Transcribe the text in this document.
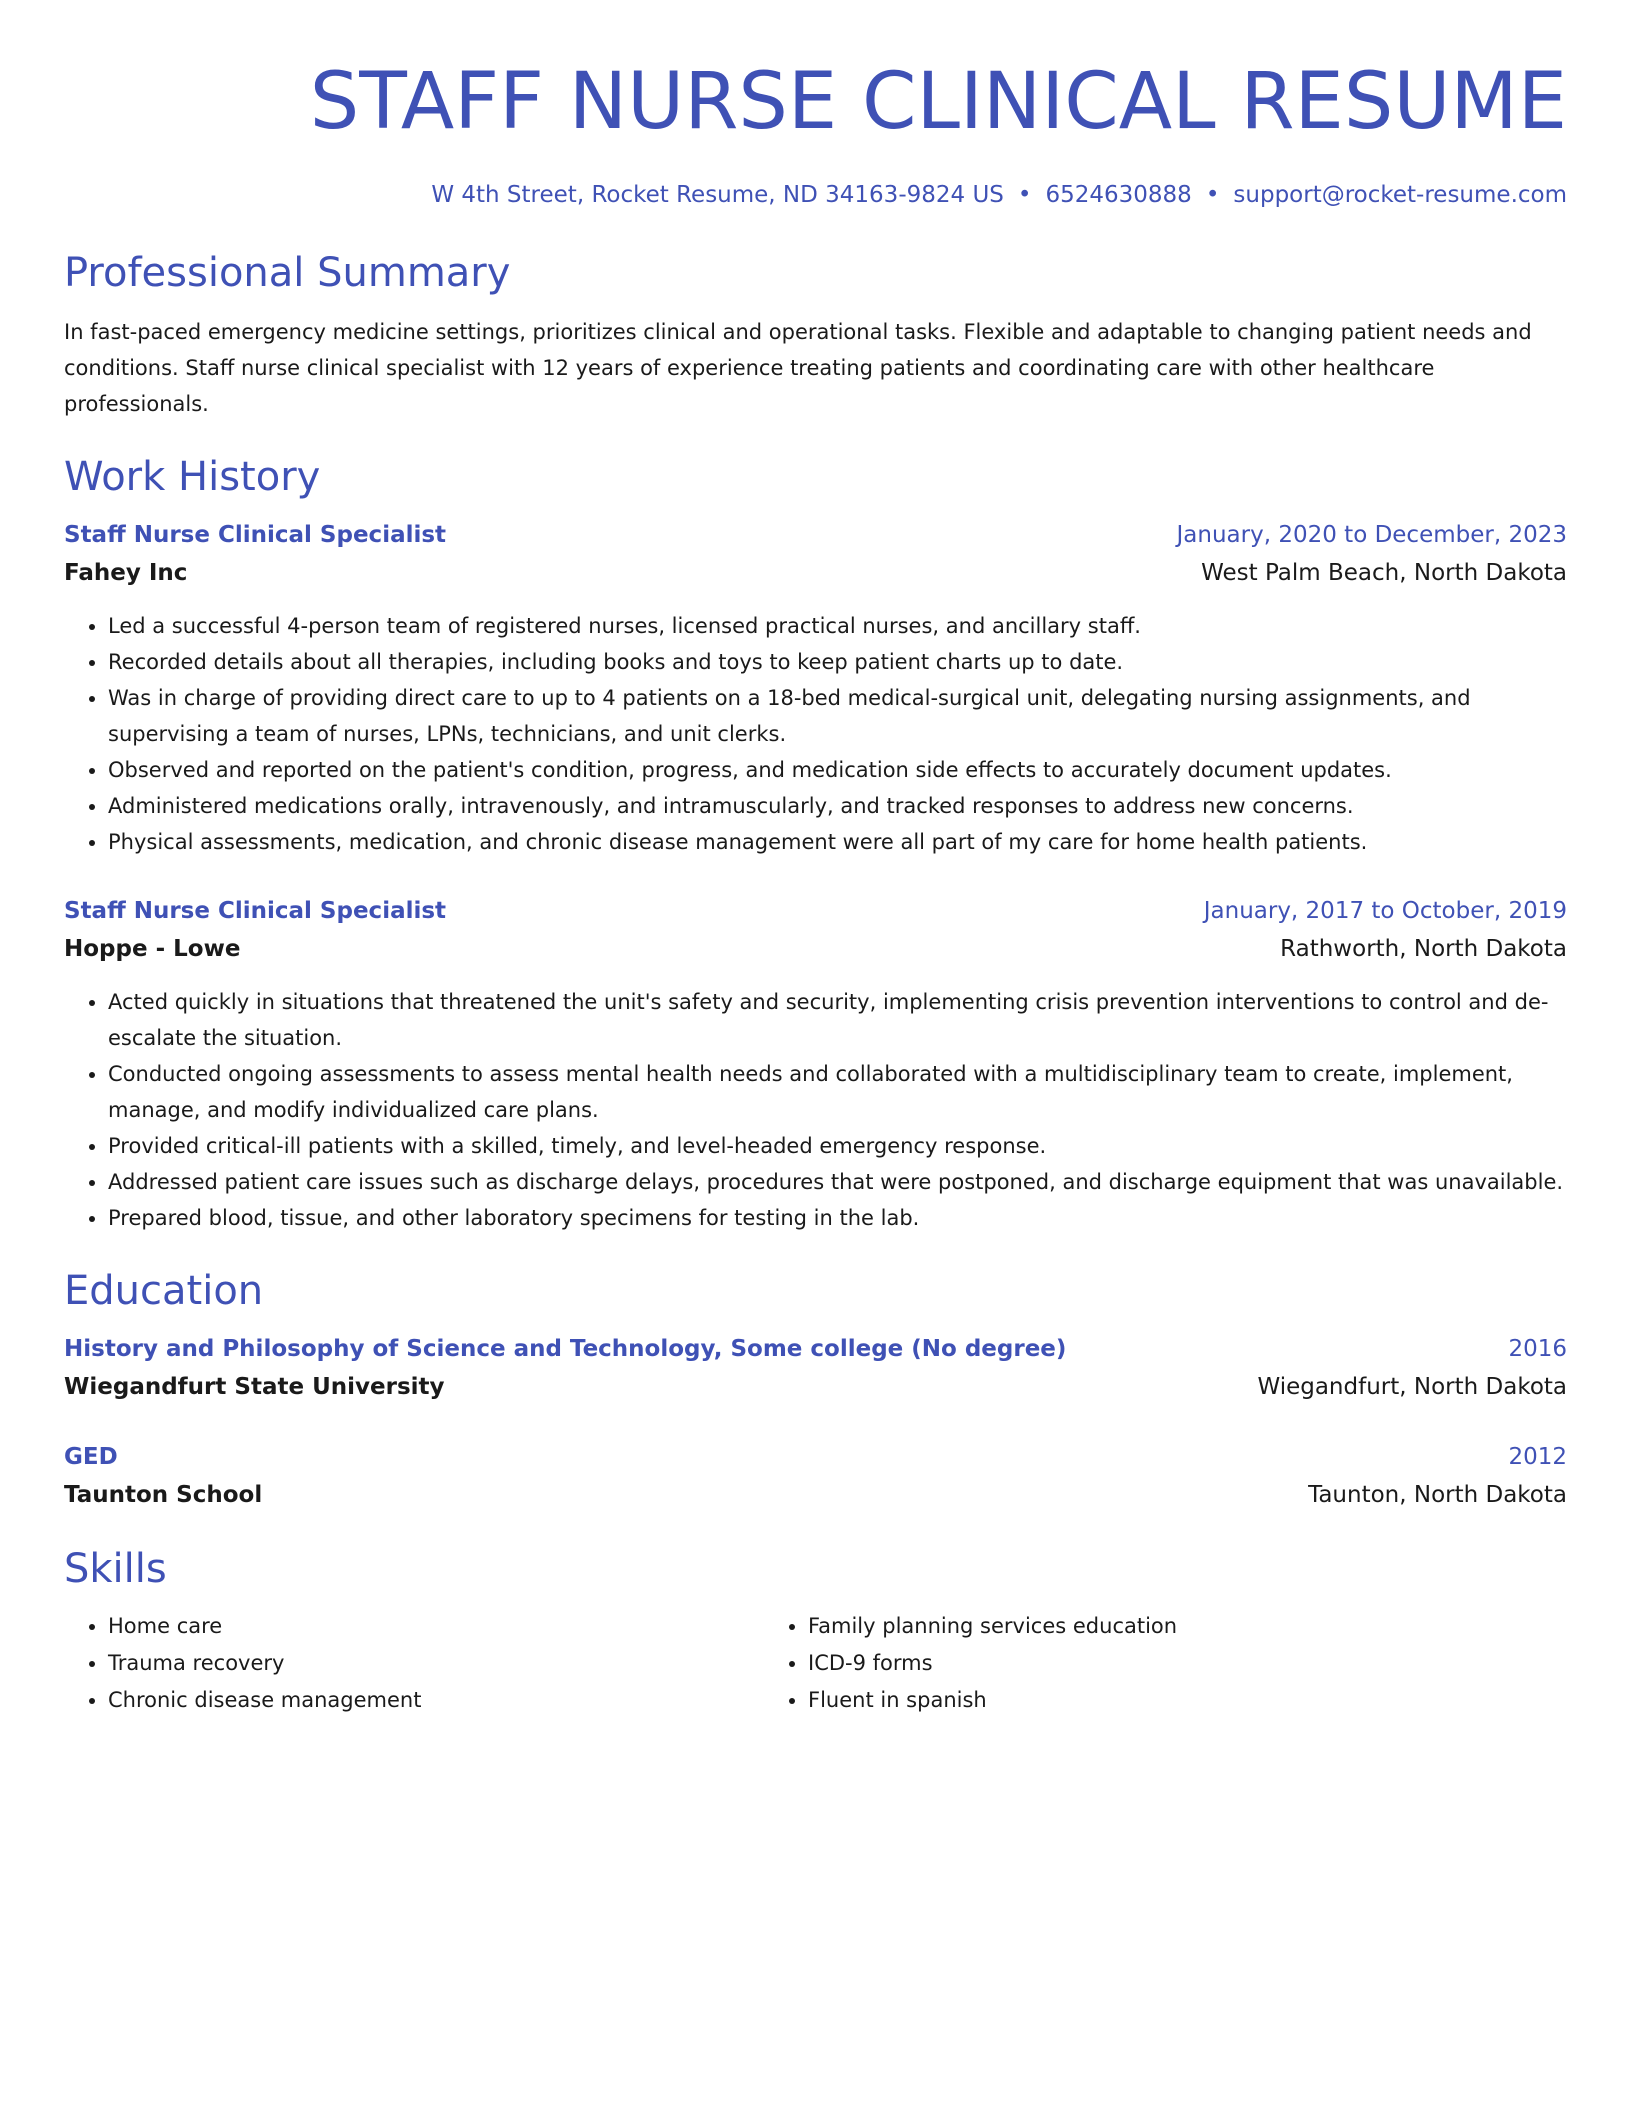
STAFF NURSE CLINICAL RESUME
W 4th Street, Rocket Resume, ND 34163-9824 US • 6524630888 • support@rocket-resume.com
Professional Summary

In fast-paced emergency medicine settings, prioritizes clinical and operational tasks. Flexible and adaptable to changing patient needs and conditions. Staff nurse clinical specialist with 12 years of experience treating patients and coordinating care with other healthcare professionals.

Work History
Staff Nurse Clinical Specialist	January, 2020 to December, 2023
Fahey Inc	West Palm Beach, North Dakota
• Led a successful 4-person team of registered nurses, licensed practical nurses, and ancillary staff.
• Recorded details about all therapies, including books and toys to keep patient charts up to date.
• Was in charge of providing direct care to up to 4 patients on a 18-bed medical-surgical unit, delegating nursing assignments, and supervising a team of nurses, LPNs, technicians, and unit clerks.
• Observed and reported on the patient's condition, progress, and medication side effects to accurately document updates.
• Administered medications orally, intravenously, and intramuscularly, and tracked responses to address new concerns.
• Physical assessments, medication, and chronic disease management were all part of my care for home health patients.
Staff Nurse Clinical Specialist	January, 2017 to October, 2019
Hoppe - Lowe	Rathworth, North Dakota
• Acted quickly in situations that threatened the unit's safety and security, implementing crisis prevention interventions to control and de-escalate the situation.
• Conducted ongoing assessments to assess mental health needs and collaborated with a multidisciplinary team to create, implement, manage, and modify individualized care plans.
• Provided critical-ill patients with a skilled, timely, and level-headed emergency response.
• Addressed patient care issues such as discharge delays, procedures that were postponed, and discharge equipment that was unavailable.
• Prepared blood, tissue, and other laboratory specimens for testing in the lab.
Education
History and Philosophy of Science and Technology, Some college (No degree)	2016
Wiegandfurt State University	Wiegandfurt, North Dakota
GED	2012
Taunton School	Taunton, North Dakota
Skills
• Home care
• Trauma recovery
• Chronic disease management
• Family planning services education
• ICD-9 forms
• Fluent in spanish
